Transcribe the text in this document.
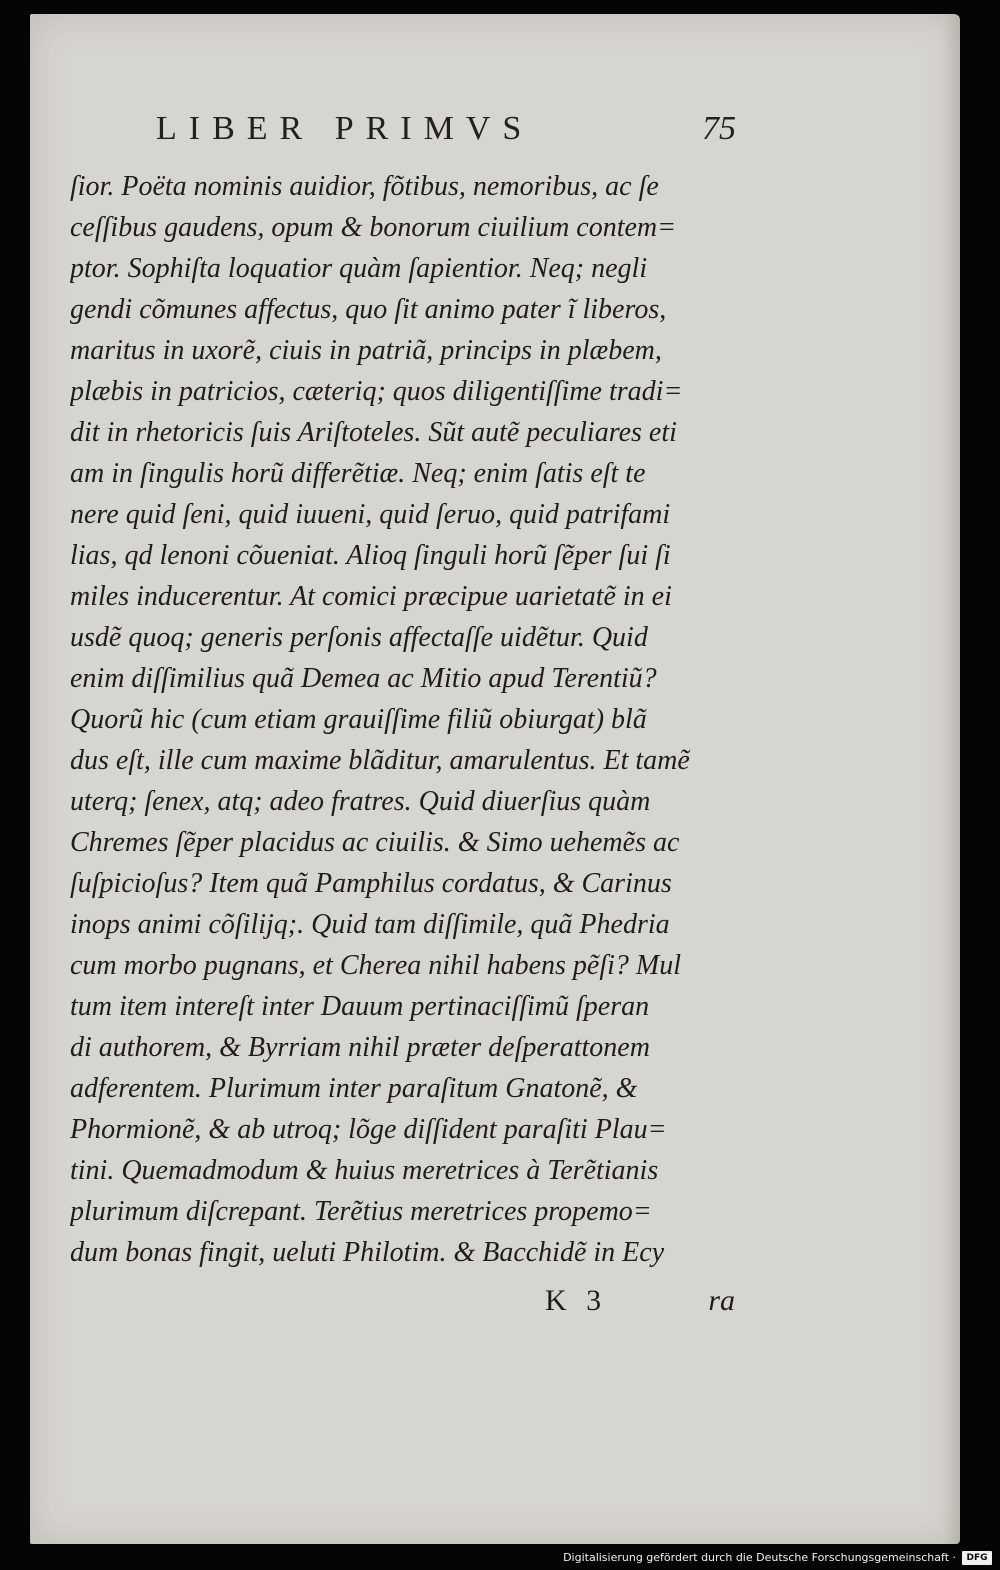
LIBER PRIMVS	75
ſior. Poëta nominis auidior, fõtibus, nemoribus, ac ſe
ceſſibus gaudens, opum & bonorum ciuilium contem=
ptor. Sophiſta loquatior quàm ſapientior. Neq; negli
gendi cõmunes affectus, quo ſit animo pater ĩ liberos,
maritus in uxorẽ, ciuis in patriã, princips in plæbem,
plæbis in patricios, cæteriq; quos diligentiſſime tradi=
dit in rhetoricis ſuis Ariſtoteles. Sũt autẽ peculiares eti
am in ſingulis horũ differẽtiæ. Neq; enim ſatis eſt te
nere quid ſeni, quid iuueni, quid ſeruo, quid patrifami
lias, qd lenoni cõueniat. Alioq ſinguli horũ ſẽper ſui ſi
miles inducerentur. At comici præcipue uarietatẽ in ei
usdẽ quoq; generis perſonis affectaſſe uidẽtur. Quid
enim diſſimilius quã Demea ac Mitio apud Terentiũ?
Quorũ hic (cum etiam grauiſſime filiũ obiurgat) blã
dus eſt, ille cum maxime blãditur, amarulentus. Et tamẽ
uterq; ſenex, atq; adeo fratres. Quid diuerſius quàm
Chremes ſẽper placidus ac ciuilis. & Simo uehemẽs ac
ſuſpicioſus? Item quã Pamphilus cordatus, & Carinus
inops animi cõſilijq;. Quid tam diſſimile, quã Phedria
cum morbo pugnans, et Cherea nihil habens pẽſi? Mul
tum item intereſt inter Dauum pertinaciſſimũ ſperan
di authorem, & Byrriam nihil præter deſperattonem
adferentem. Plurimum inter paraſitum Gnatonẽ, &
Phormionẽ, & ab utroq; lõge diſſident paraſiti Plau=
tini. Quemadmodum & huius meretrices à Terẽtianis
plurimum diſcrepant. Terẽtius meretrices propemo=
dum bonas fingit, ueluti Philotim. & Bacchidẽ in Ecy
K 3	ra
Digitalisierung gefördert durch die Deutsche Forschungsgemeinschaft ·	DFG
